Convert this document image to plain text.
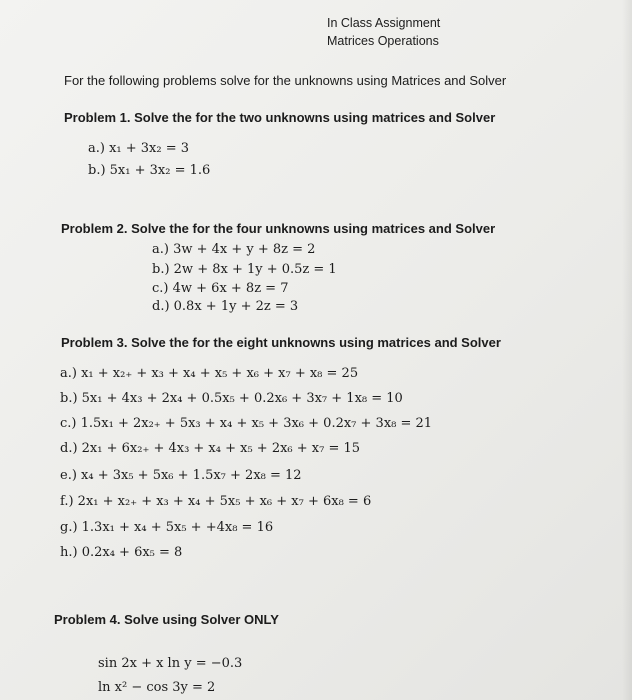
In Class Assignment
Matrices Operations
For the following problems solve for the unknowns using Matrices and Solver
Problem 1. Solve the for the two unknowns using matrices and Solver
a.) x₁ + 3x₂ = 3
b.) 5x₁ + 3x₂ = 1.6
Problem 2. Solve the for the four unknowns using matrices and Solver
a.) 3w + 4x + y + 8z = 2
b.) 2w + 8x + 1y + 0.5z = 1
c.) 4w + 6x + 8z = 7
d.) 0.8x + 1y + 2z = 3
Problem 3. Solve the for the eight unknowns using matrices and Solver
a.) x₁ + x₂₊ + x₃ + x₄ + x₅ + x₆ + x₇ + x₈ = 25
b.) 5x₁ + 4x₃ + 2x₄ + 0.5x₅ + 0.2x₆ + 3x₇ + 1x₈ = 10
c.) 1.5x₁ + 2x₂₊ + 5x₃ + x₄ + x₅ + 3x₆ + 0.2x₇ + 3x₈ = 21
d.) 2x₁ + 6x₂₊ + 4x₃ + x₄ + x₅ + 2x₆ + x₇ = 15
e.) x₄ + 3x₅ + 5x₆ + 1.5x₇ + 2x₈ = 12
f.) 2x₁ + x₂₊ + x₃ + x₄ + 5x₅ + x₆ + x₇ + 6x₈ = 6
g.) 1.3x₁ + x₄ + 5x₅ + +4x₈ = 16
h.) 0.2x₄ + 6x₅ = 8
Problem 4. Solve using Solver ONLY
sin 2x + x ln y = −0.3
ln x² − cos 3y = 2
